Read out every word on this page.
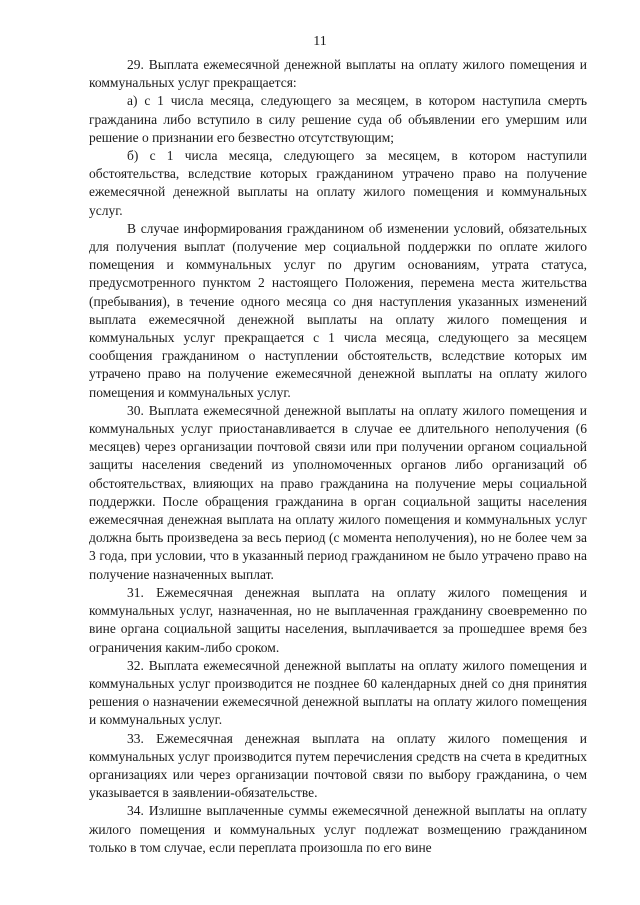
11

29. Выплата ежемесячной денежной выплаты на оплату жилого помещения и коммунальных услуг прекращается:

а) с 1 числа месяца, следующего за месяцем, в котором наступила смерть гражданина либо вступило в силу решение суда об объявлении его умершим или решение о признании его безвестно отсутствующим;

б) с 1 числа месяца, следующего за месяцем, в котором наступили обстоятельства, вследствие которых гражданином утрачено право на получение ежемесячной денежной выплаты на оплату жилого помещения и коммунальных услуг.

В случае информирования гражданином об изменении условий, обязательных для получения выплат (получение мер социальной поддержки по оплате жилого помещения и коммунальных услуг по другим основаниям, утрата статуса, предусмотренного пунктом 2 настоящего Положения, перемена места жительства (пребывания), в течение одного месяца со дня наступления указанных изменений выплата ежемесячной денежной выплаты на оплату жилого помещения и коммунальных услуг прекращается с 1 числа месяца, следующего за месяцем сообщения гражданином о наступлении обстоятельств, вследствие которых им утрачено право на получение ежемесячной денежной выплаты на оплату жилого помещения и коммунальных услуг.

30. Выплата ежемесячной денежной выплаты на оплату жилого помещения и коммунальных услуг приостанавливается в случае ее длительного неполучения (6 месяцев) через организации почтовой связи или при получении органом социальной защиты населения сведений из уполномоченных органов либо организаций об обстоятельствах, влияющих на право гражданина на получение меры социальной поддержки. После обращения гражданина в орган социальной защиты населения ежемесячная денежная выплата на оплату жилого помещения и коммунальных услуг должна быть произведена за весь период (с момента неполучения), но не более чем за 3 года, при условии, что в указанный период гражданином не было утрачено право на получение назначенных выплат.

31. Ежемесячная денежная выплата на оплату жилого помещения и коммунальных услуг, назначенная, но не выплаченная гражданину своевременно по вине органа социальной защиты населения, выплачивается за прошедшее время без ограничения каким-либо сроком.

32. Выплата ежемесячной денежной выплаты на оплату жилого помещения и коммунальных услуг производится не позднее 60 календарных дней со дня принятия решения о назначении ежемесячной денежной выплаты на оплату жилого помещения и коммунальных услуг.

33. Ежемесячная денежная выплата на оплату жилого помещения и коммунальных услуг производится путем перечисления средств на счета в кредитных организациях или через организации почтовой связи по выбору гражданина, о чем указывается в заявлении-обязательстве.

34. Излишне выплаченные суммы ежемесячной денежной выплаты на оплату жилого помещения и коммунальных услуг подлежат возмещению гражданином только в том случае, если переплата произошла по его вине
